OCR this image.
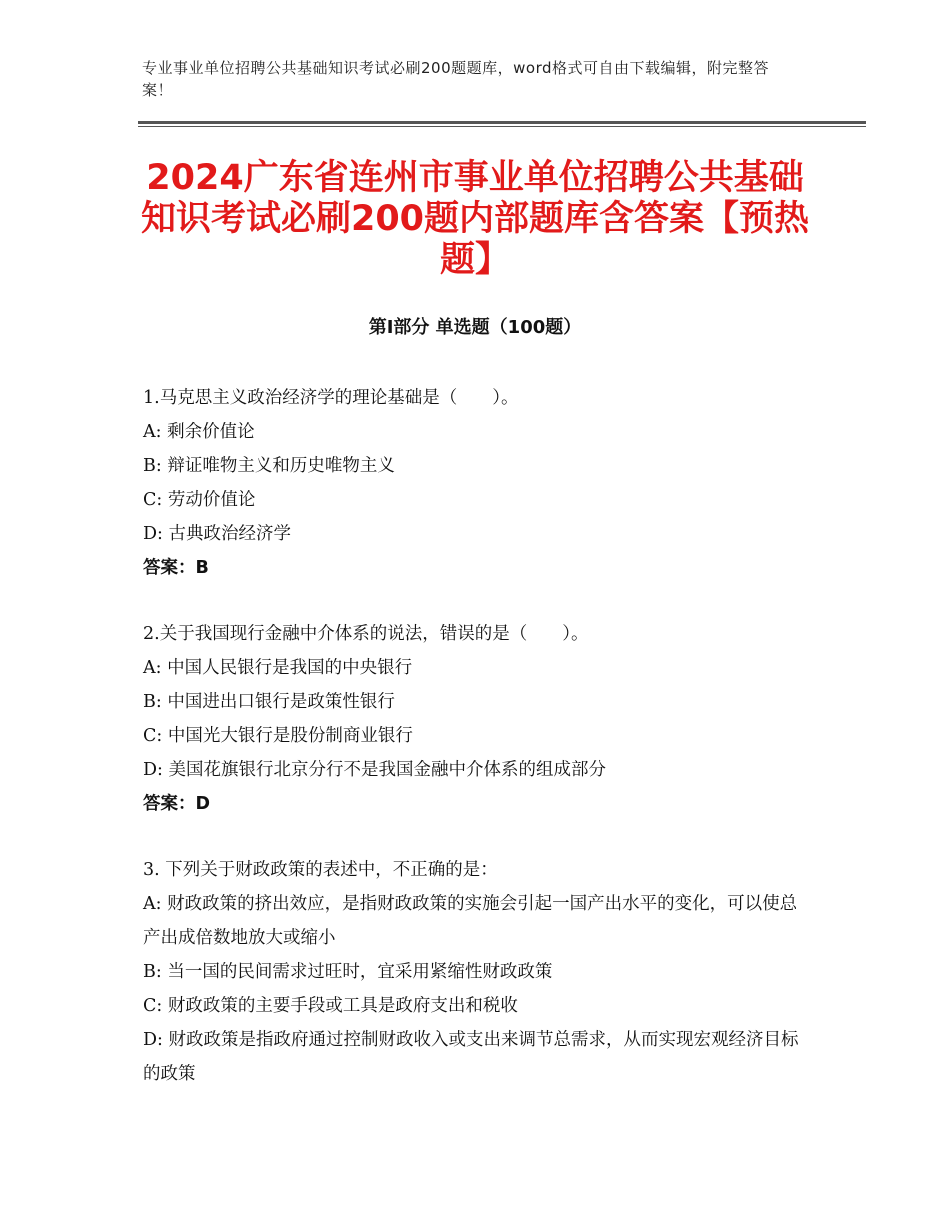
专业事业单位招聘公共基础知识考试必刷200题题库，word格式可自由下载编辑，附完整答案！
2024广东省连州市事业单位招聘公共基础知识考试必刷200题内部题库含答案【预热题】
第Ⅰ部分 单选题（100题）

1.马克思主义政治经济学的理论基础是（　　）。

A: 剩余价值论

B: 辩证唯物主义和历史唯物主义

C: 劳动价值论

D: 古典政治经济学

答案：B

2.关于我国现行金融中介体系的说法，错误的是（　　）。

A: 中国人民银行是我国的中央银行

B: 中国进出口银行是政策性银行

C: 中国光大银行是股份制商业银行

D: 美国花旗银行北京分行不是我国金融中介体系的组成部分

答案：D

3. 下列关于财政政策的表述中，不正确的是：

A: 财政政策的挤出效应，是指财政政策的实施会引起一国产出水平的变化，可以使总产出成倍数地放大或缩小

B: 当一国的民间需求过旺时，宜采用紧缩性财政政策

C: 财政政策的主要手段或工具是政府支出和税收

D: 财政政策是指政府通过控制财政收入或支出来调节总需求，从而实现宏观经济目标的政策
